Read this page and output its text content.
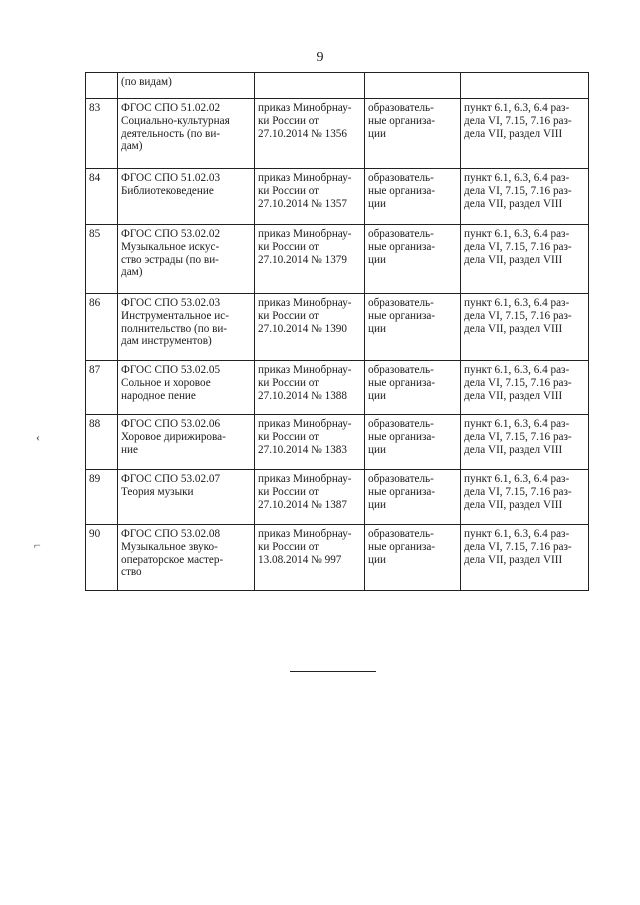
9
	(по видам)			
83	ФГОС СПО 51.02.02
Социально-культурная
деятельность (по ви-
дам)	приказ Минобрнау-
ки России от
27.10.2014 № 1356	образователь-
ные организа-
ции	пункт 6.1, 6.3, 6.4 раз-
дела VI, 7.15, 7.16 раз-
дела VII, раздел VIII
84	ФГОС СПО 51.02.03
Библиотековедение	приказ Минобрнау-
ки России от
27.10.2014 № 1357	образователь-
ные организа-
ции	пункт 6.1, 6.3, 6.4 раз-
дела VI, 7.15, 7.16 раз-
дела VII, раздел VIII
85	ФГОС СПО 53.02.02
Музыкальное искус-
ство эстрады (по ви-
дам)	приказ Минобрнау-
ки России от
27.10.2014 № 1379	образователь-
ные организа-
ции	пункт 6.1, 6.3, 6.4 раз-
дела VI, 7.15, 7.16 раз-
дела VII, раздел VIII
86	ФГОС СПО 53.02.03
Инструментальное ис-
полнительство (по ви-
дам инструментов)	приказ Минобрнау-
ки России от
27.10.2014 № 1390	образователь-
ные организа-
ции	пункт 6.1, 6.3, 6.4 раз-
дела VI, 7.15, 7.16 раз-
дела VII, раздел VIII
87	ФГОС СПО 53.02.05
Сольное и хоровое
народное пение	приказ Минобрнау-
ки России от
27.10.2014 № 1388	образователь-
ные организа-
ции	пункт 6.1, 6.3, 6.4 раз-
дела VI, 7.15, 7.16 раз-
дела VII, раздел VIII
88	ФГОС СПО 53.02.06
Хоровое дирижирова-
ние	приказ Минобрнау-
ки России от
27.10.2014 № 1383	образователь-
ные организа-
ции	пункт 6.1, 6.3, 6.4 раз-
дела VI, 7.15, 7.16 раз-
дела VII, раздел VIII
89	ФГОС СПО 53.02.07
Теория музыки	приказ Минобрнау-
ки России от
27.10.2014 № 1387	образователь-
ные организа-
ции	пункт 6.1, 6.3, 6.4 раз-
дела VI, 7.15, 7.16 раз-
дела VII, раздел VIII
90	ФГОС СПО 53.02.08
Музыкальное звуко-
операторское мастер-
ство	приказ Минобрнау-
ки России от
13.08.2014 № 997	образователь-
ные организа-
ции	пункт 6.1, 6.3, 6.4 раз-
дела VI, 7.15, 7.16 раз-
дела VII, раздел VIII
‹
⌐
